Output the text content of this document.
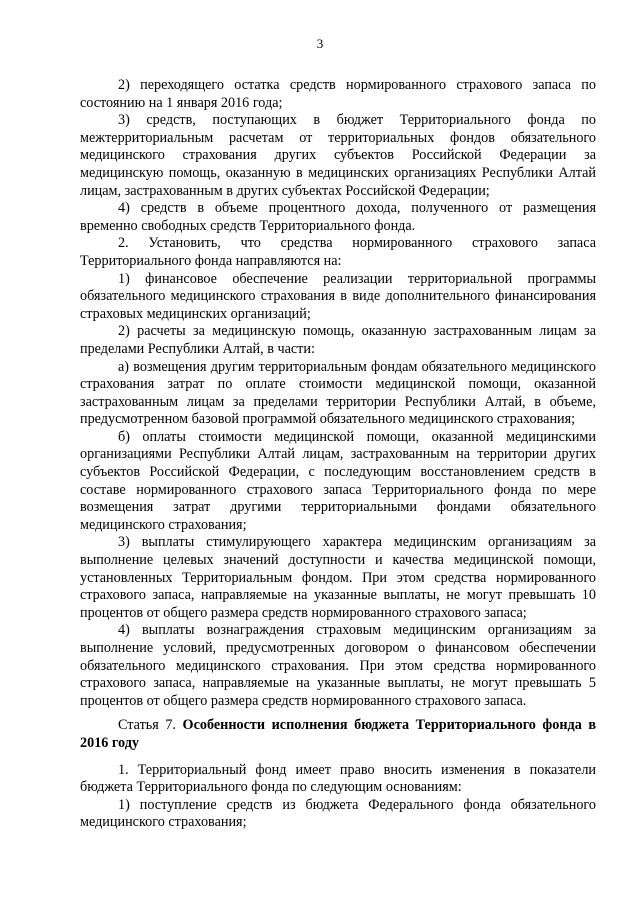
3

2) переходящего остатка средств нормированного страхового запаса по состоянию на 1 января 2016 года;

3) средств, поступающих в бюджет Территориального фонда по межтерриториальным расчетам от территориальных фондов обязательного медицинского страхования других субъектов Российской Федерации за медицинскую помощь, оказанную в медицинских организациях Республики Алтай лицам, застрахованным в других субъектах Российской Федерации;

4) средств в объеме процентного дохода, полученного от размещения временно свободных средств Территориального фонда.

2. Установить, что средства нормированного страхового запаса Территориального фонда направляются на:

1) финансовое обеспечение реализации территориальной программы обязательного медицинского страхования в виде дополнительного финансирования страховых медицинских организаций;

2) расчеты за медицинскую помощь, оказанную застрахованным лицам за пределами Республики Алтай, в части:

а) возмещения другим территориальным фондам обязательного медицинского страхования затрат по оплате стоимости медицинской помощи, оказанной застрахованным лицам за пределами территории Республики Алтай, в объеме, предусмотренном базовой программой обязательного медицинского страхования;

б) оплаты стоимости медицинской помощи, оказанной медицинскими организациями Республики Алтай лицам, застрахованным на территории других субъектов Российской Федерации, с последующим восстановлением средств в составе нормированного страхового запаса Территориального фонда по мере возмещения затрат другими территориальными фондами обязательного медицинского страхования;

3) выплаты стимулирующего характера медицинским организациям за выполнение целевых значений доступности и качества медицинской помощи, установленных Территориальным фондом. При этом средства нормированного страхового запаса, направляемые на указанные выплаты, не могут превышать 10 процентов от общего размера средств нормированного страхового запаса;

4) выплаты вознаграждения страховым медицинским организациям за выполнение условий, предусмотренных договором о финансовом обеспечении обязательного медицинского страхования. При этом средства нормированного страхового запаса, направляемые на указанные выплаты, не могут превышать 5 процентов от общего размера средств нормированного страхового запаса.

Статья 7. Особенности исполнения бюджета Территориального фонда в 2016 году

1. Территориальный фонд имеет право вносить изменения в показатели бюджета Территориального фонда по следующим основаниям:

1) поступление средств из бюджета Федерального фонда обязательного медицинского страхования;
